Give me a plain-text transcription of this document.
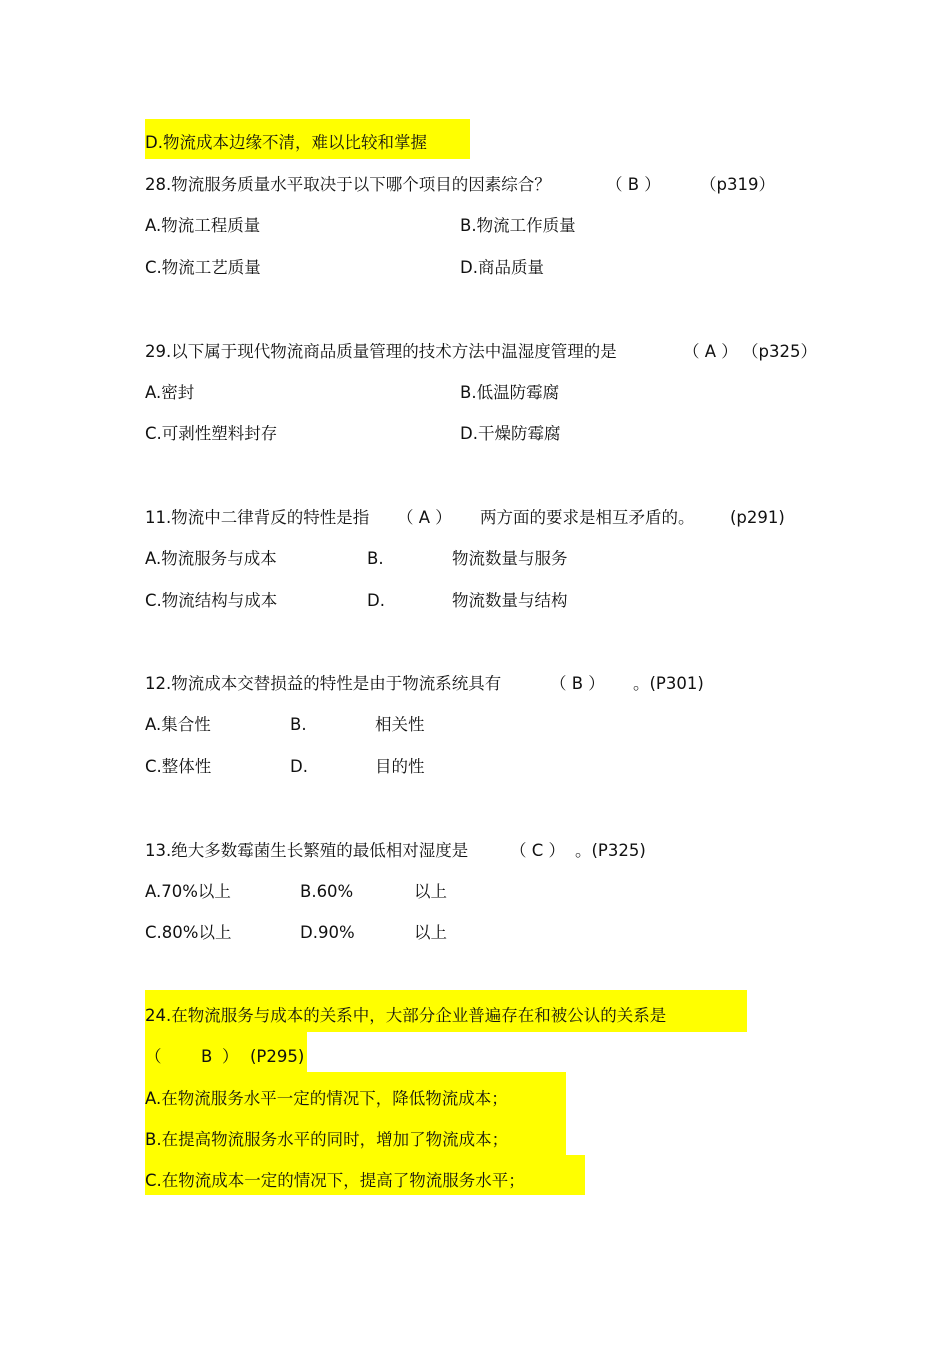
D.物流成本边缘不清，难以比较和掌握
28.物流服务质量水平取决于以下哪个项目的因素综合？	（ B ） （p319）
A.物流工程质量	B.物流工作质量
C.物流工艺质量	D.商品质量
29.以下属于现代物流商品质量管理的技术方法中温湿度管理的是	（ A ） （p325）
A.密封	B.低温防霉腐
C.可剥性塑料封存	D.干燥防霉腐
11.物流中二律背反的特性是指 （ A ） 两方面的要求是相互矛盾的。 (p291)
A.物流服务与成本	B.	物流数量与服务
C.物流结构与成本	D.	物流数量与结构
12.物流成本交替损益的特性是由于物流系统具有	（ B ） 。(P301)
A.集合性	B.	相关性
C.整体性	D.	目的性
13.绝大多数霉菌生长繁殖的最低相对湿度是	（ C ） 。(P325)
A.70%以上	B.60%	以上
C.80%以上	D.90%	以上
24.在物流服务与成本的关系中，大部分企业普遍存在和被公认的关系是
（ B ） (P295)
A.在物流服务水平一定的情况下，降低物流成本；
B.在提高物流服务水平的同时，增加了物流成本；
C.在物流成本一定的情况下，提高了物流服务水平；
